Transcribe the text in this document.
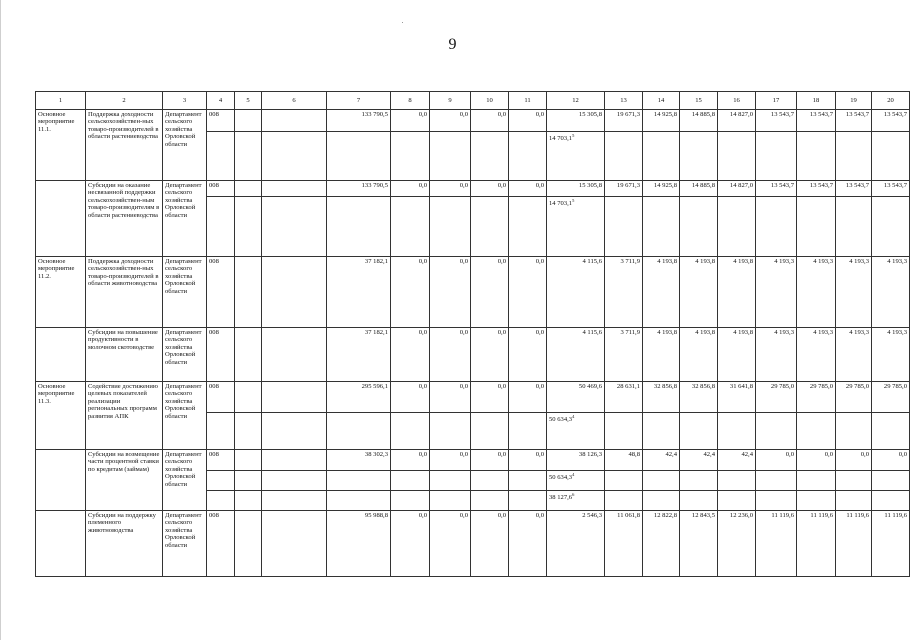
9
1	2	3	4	5	6	7	8	9	10	11	12	13	14	15	16	17	18	19	20

Основное мероприятие 11.1.	Поддержка доходности сельскохозяйствен-ных товаро-производителей в области растениеводства	Департамент сельского хозяйства Орловской области	008			133 790,5	0,0	0,0	0,0	0,0	15 305,8	19 671,3	14 925,8	14 885,8	14 827,0	13 543,7	13 543,7	13 543,7	13 543,7
											14 703,1$^5$								

	Субсидии на оказание несвязанной поддержки сельскохозяйствен-ным товаро-производителям в области растениеводства	Департамент сельского хозяйства Орловской области	008			133 790,5	0,0	0,0	0,0	0,0	15 305,8	19 671,3	14 925,8	14 885,8	14 827,0	13 543,7	13 543,7	13 543,7	13 543,7
											14 703,1$^5$								

Основное мероприятие 11.2.	Поддержка доходности сельскохозяйствен-ных товаро-производителей в области животноводства	Департамент сельского хозяйства Орловской области	008			37 182,1	0,0	0,0	0,0	0,0	4 115,6	3 711,9	4 193,8	4 193,8	4 193,8	4 193,3	4 193,3	4 193,3	4 193,3

	Субсидии на повышение продуктивности в молочном скотоводстве	Департамент сельского хозяйства Орловской области	008			37 182,1	0,0	0,0	0,0	0,0	4 115,6	3 711,9	4 193,8	4 193,8	4 193,8	4 193,3	4 193,3	4 193,3	4 193,3

Основное мероприятие 11.3.	Содействие достижению целевых показателей реализации региональных программ развития АПК	Департамент сельского хозяйства Орловской области	008			295 596,1	0,0	0,0	0,0	0,0	50 469,6	28 631,1	32 856,8	32 856,8	31 641,8	29 785,0	29 785,0	29 785,0	29 785,0
											50 634,3$^4$								

	Субсидии на возмещение части процентной ставки по кредитам (займам)	Департамент сельского хозяйства Орловской области	008			38 302,3	0,0	0,0	0,0	0,0	38 126,3	48,8	42,4	42,4	42,4	0,0	0,0	0,0	0,0
											50 634,3$^4$								
											38 127,6$^6$								

	Субсидии на поддержку племенного животноводства	Департамент сельского хозяйства Орловской области	008			95 988,8	0,0	0,0	0,0	0,0	2 546,3	11 061,8	12 822,8	12 843,5	12 236,0	11 119,6	11 119,6	11 119,6	11 119,6
